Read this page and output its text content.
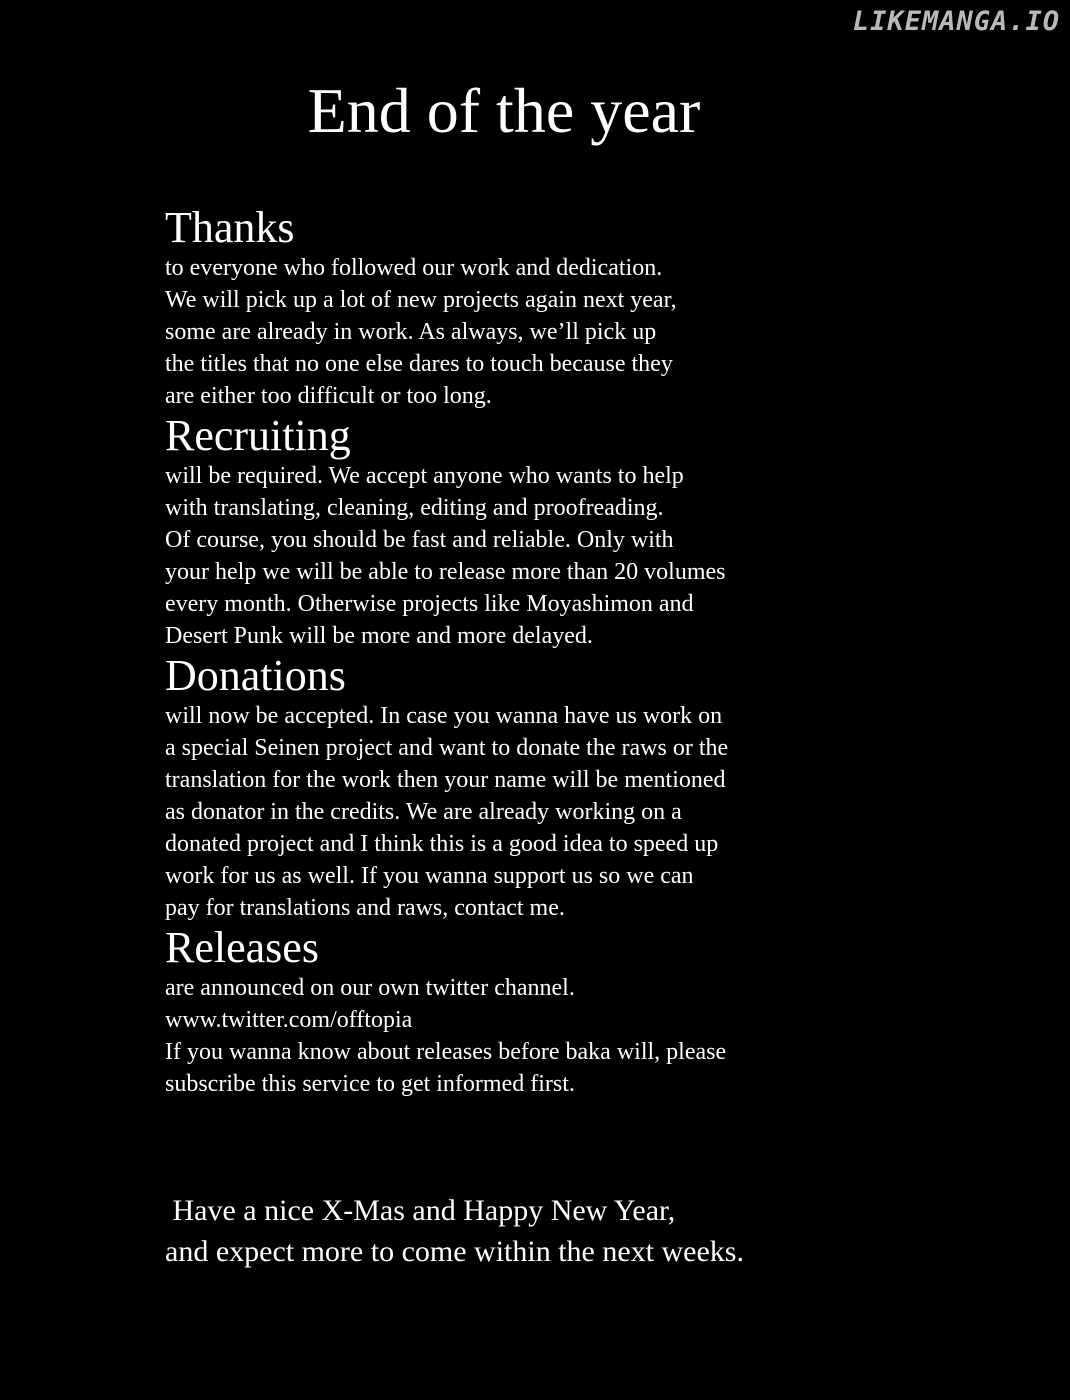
LIKEMANGA.IO
End of the year
Thanks

to everyone who followed our work and dedication.

We will pick up a lot of new projects again next year,

some are already in work. As always, we’ll pick up

the titles that no one else dares to touch because they

are either too difficult or too long.

Recruiting

will be required. We accept anyone who wants to help

with translating, cleaning, editing and proofreading.

Of course, you should be fast and reliable. Only with

your help we will be able to release more than 20 volumes

every month. Otherwise projects like Moyashimon and

Desert Punk will be more and more delayed.

Donations

will now be accepted. In case you wanna have us work on

a special Seinen project and want to donate the raws or the

translation for the work then your name will be mentioned

as donator in the credits. We are already working on a

donated project and I think this is a good idea to speed up

work for us as well. If you wanna support us so we can

pay for translations and raws, contact me.

Releases

are announced on our own twitter channel.

www.twitter.com/offtopia

If you wanna know about releases before baka will, please

subscribe this service to get informed first.

Have a nice X-Mas and Happy New Year,

and expect more to come within the next weeks.
